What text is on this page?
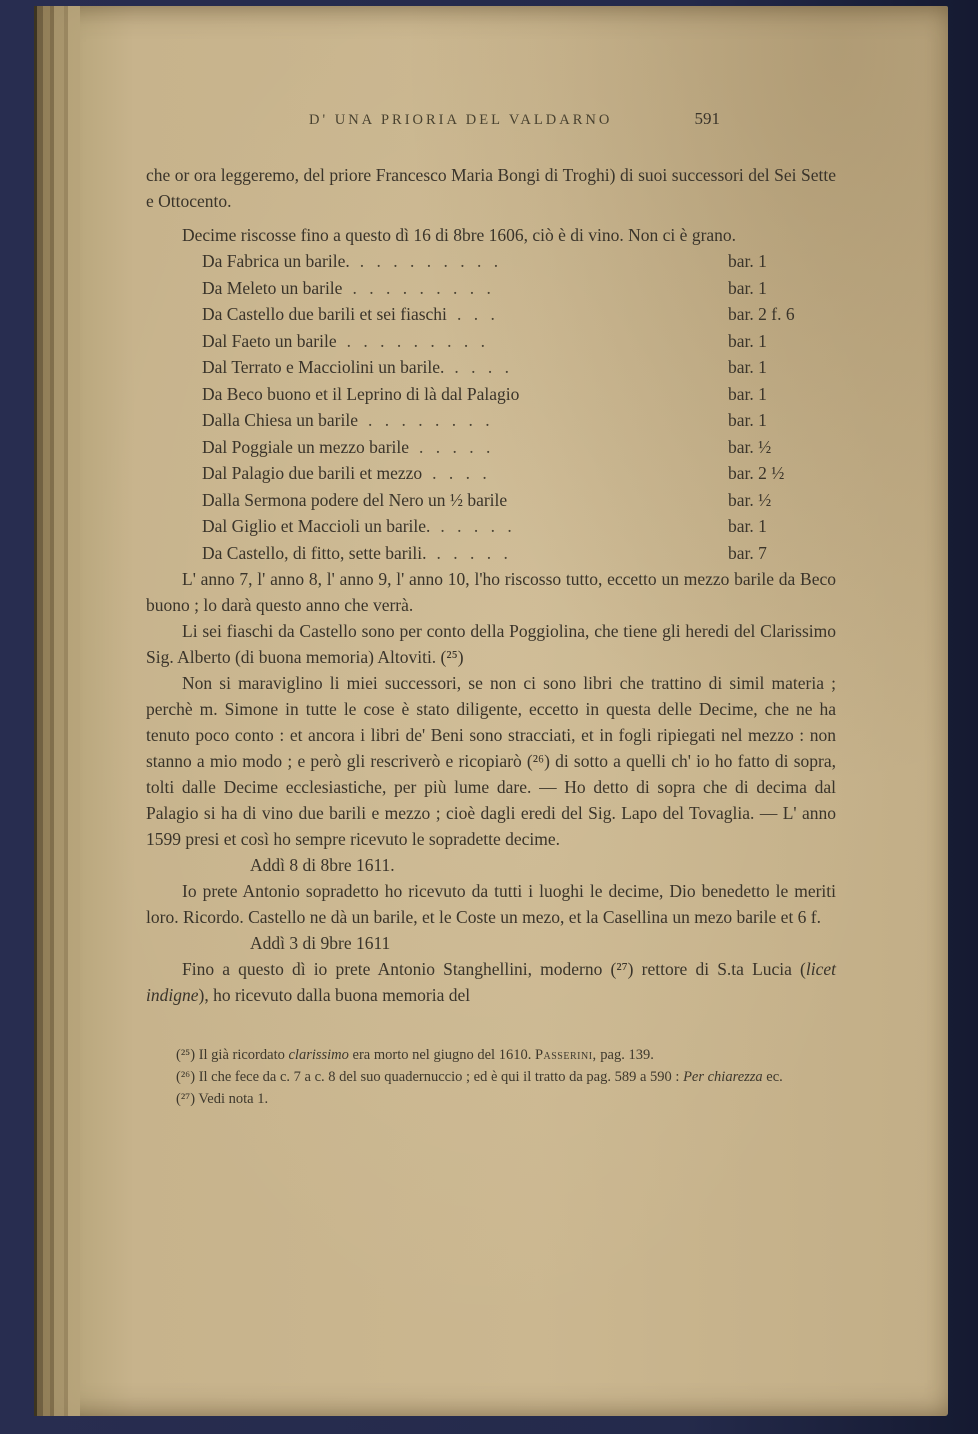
D' UNA PRIORIA DEL VALDARNO	591

che or ora leggeremo, del priore Francesco Maria Bongi di Troghi) di suoi successori del Sei Sette e Ottocento.

Decime riscosse fino a questo dì 16 di 8bre 1606, ciò è di vino. Non ci è grano.

Da Fabrica un barile. . . . . . . . . .	bar. 1
Da Meleto un barile . . . . . . . . .	bar. 1
Da Castello due barili et sei fiaschi . . .	bar. 2 f. 6
Dal Faeto un barile . . . . . . . . .	bar. 1
Dal Terrato e Macciolini un barile. . . . .	bar. 1
Da Beco buono et il Leprino di là dal Palagio	bar. 1
Dalla Chiesa un barile . . . . . . . .	bar. 1
Dal Poggiale un mezzo barile . . . . .	bar. ½
Dal Palagio due barili et mezzo . . . .	bar. 2 ½
Dalla Sermona podere del Nero un ½ barile	bar. ½
Dal Giglio et Maccioli un barile. . . . . .	bar. 1
Da Castello, di fitto, sette barili. . . . . .	bar. 7

L' anno 7, l' anno 8, l' anno 9, l' anno 10, l'ho riscosso tutto, eccetto un mezzo barile da Beco buono ; lo darà questo anno che verrà.

Li sei fiaschi da Castello sono per conto della Poggiolina, che tiene gli heredi del Clarissimo Sig. Alberto (di buona memoria) Altoviti. (²⁵)

Non si maraviglino li miei successori, se non ci sono libri che trattino di simil materia ; perchè m. Simone in tutte le cose è stato diligente, eccetto in questa delle Decime, che ne ha tenuto poco conto : et ancora i libri de' Beni sono stracciati, et in fogli ripiegati nel mezzo : non stanno a mio modo ; e però gli rescriverò e ricopiarò (²⁶) di sotto a quelli ch' io ho fatto di sopra, tolti dalle Decime ecclesiastiche, per più lume dare. — Ho detto di sopra che di decima dal Palagio si ha di vino due barili e mezzo ; cioè dagli eredi del Sig. Lapo del Tovaglia. — L' anno 1599 presi et così ho sempre ricevuto le sopradette decime.

Addì 8 di 8bre 1611.

Io prete Antonio sopradetto ho ricevuto da tutti i luoghi le decime, Dio benedetto le meriti loro. Ricordo. Castello ne dà un barile, et le Coste un mezo, et la Casellina un mezo barile et 6 f.

Addì 3 di 9bre 1611

Fino a questo dì io prete Antonio Stanghellini, moderno (²⁷) rettore di S.ta Lucia (licet indigne), ho ricevuto dalla buona memoria del

(²⁵) Il già ricordato clarissimo era morto nel giugno del 1610. Passerini, pag. 139.

(²⁶) Il che fece da c. 7 a c. 8 del suo quadernuccio ; ed è qui il tratto da pag. 589 a 590 : Per chiarezza ec.

(²⁷) Vedi nota 1.
